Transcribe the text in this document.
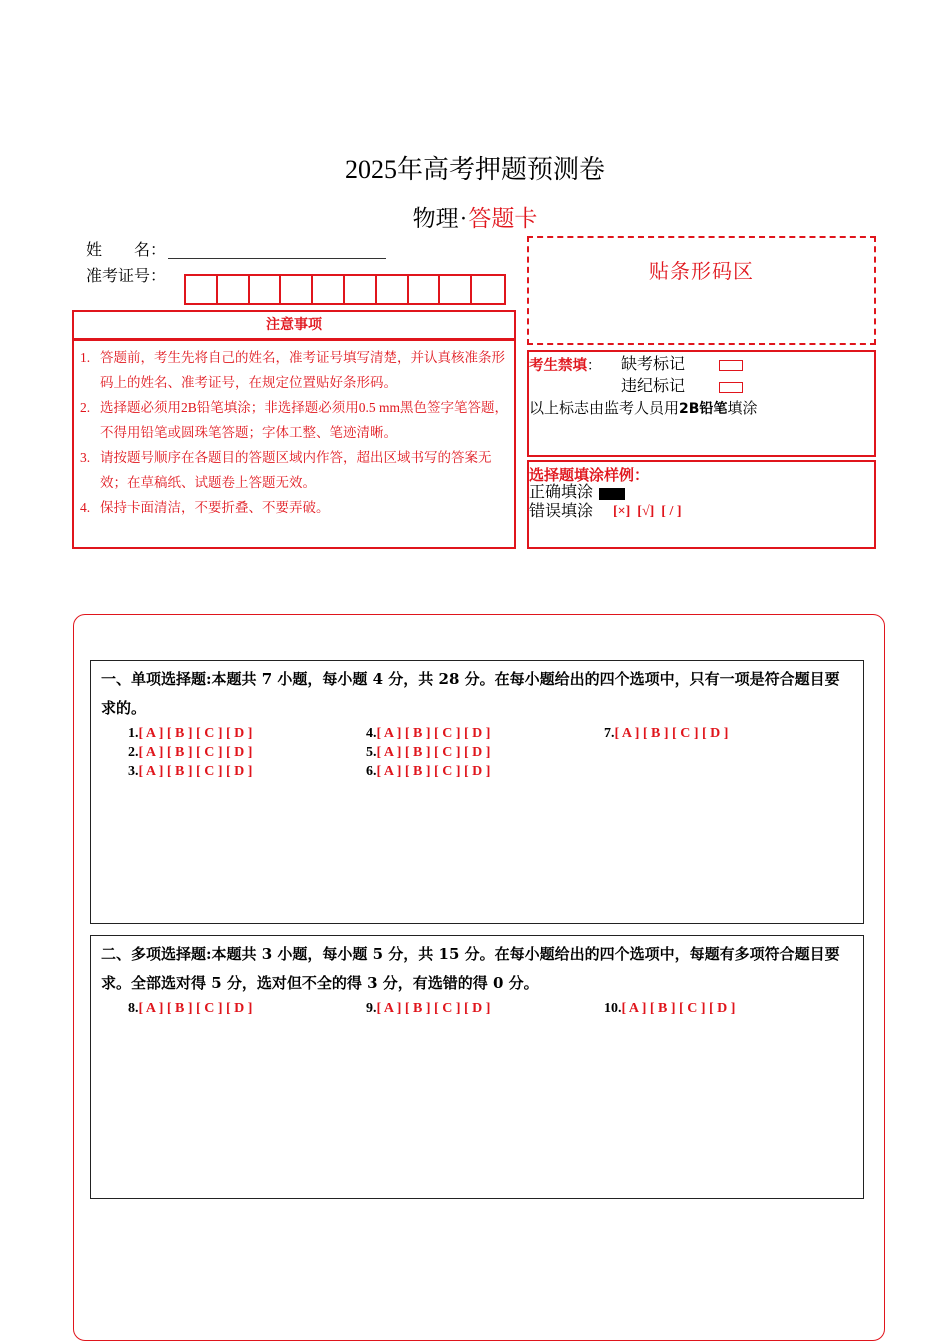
2025年高考押题预测卷
物理·答题卡
姓　　名：
准考证号：
注意事项
1. 答题前，考生先将自己的姓名，准考证号填写清楚，并认真核准条形码上的姓名、准考证号，在规定位置贴好条形码。
2. 选择题必须用2B铅笔填涂；非选择题必须用0.5 mm黑色签字笔答题，不得用铅笔或圆珠笔答题；字体工整、笔迹清晰。
3. 请按题号顺序在各题目的答题区域内作答，超出区域书写的答案无效；在草稿纸、试题卷上答题无效。
4. 保持卡面清洁，不要折叠、不要弄破。
贴条形码区
考生禁填： 缺考标记
违纪标记
以上标志由监考人员用2B铅笔填涂
选择题填涂样例：
正确填涂
错误填涂 [×]  [√]  [ / ]
一、单项选择题:本题共 7 小题，每小题 4 分，共 28 分。在每小题给出的四个选项中，只有一项是符合题目要求的。
1.[ A ] [ B ] [ C ] [ D ]
2.[ A ] [ B ] [ C ] [ D ]
3.[ A ] [ B ] [ C ] [ D ]
4.[ A ] [ B ] [ C ] [ D ]
5.[ A ] [ B ] [ C ] [ D ]
6.[ A ] [ B ] [ C ] [ D ]
7.[ A ] [ B ] [ C ] [ D ]
二、多项选择题:本题共 3 小题，每小题 5 分，共 15 分。在每小题给出的四个选项中，每题有多项符合题目要求。全部选对得 5 分，选对但不全的得 3 分，有选错的得 0 分。
8.[ A ] [ B ] [ C ] [ D ]	9.[ A ] [ B ] [ C ] [ D ]	10.[ A ] [ B ] [ C ] [ D ]
